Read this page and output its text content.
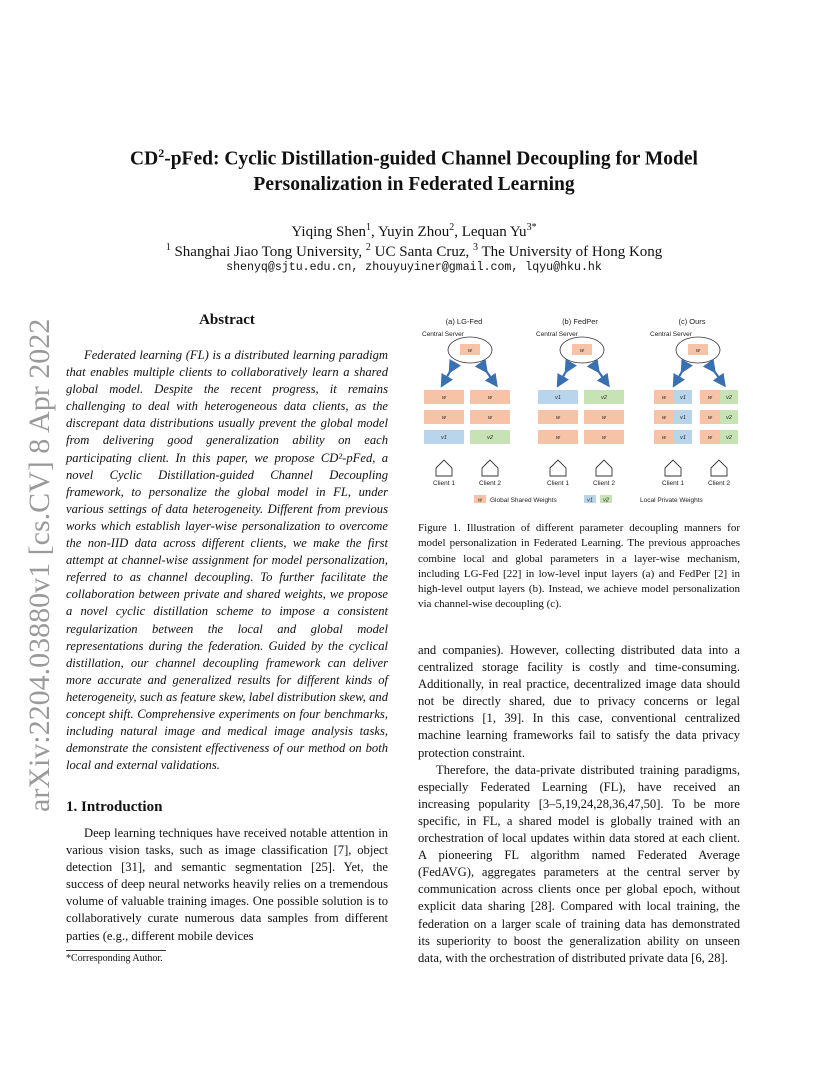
arXiv:2204.03880v1 [cs.CV] 8 Apr 2022
$CD^2$-pFed: Cyclic Distillation-guided Channel Decoupling for Model
Personalization in Federated Learning
Yiqing Shen$^1$, Yuyin Zhou$^2$, Lequan $Yu^{3*}$
$^1$ Shanghai Jiao Tong University, $^2$ UC Santa Cruz, $^3$ The University of Hong Kong
shenyq@sjtu.edu.cn, zhouyuyiner@gmail.com, lqyu@hku.hk
Abstract

Federated learning (FL) is a distributed learning paradigm that enables multiple clients to collaboratively learn a shared global model. Despite the recent progress, it remains challenging to deal with heterogeneous data clients, as the discrepant data distributions usually prevent the global model from delivering good generalization ability on each participating client. In this paper, we propose CD²-pFed, a novel Cyclic Distillation-guided Channel Decoupling framework, to personalize the global model in FL, under various settings of data heterogeneity. Different from previous works which establish layer-wise personalization to overcome the non-IID data across different clients, we make the first attempt at channel-wise assignment for model personalization, referred to as channel decoupling. To further facilitate the collaboration between private and shared weights, we propose a novel cyclic distillation scheme to impose a consistent regularization between the local and global model representations during the federation. Guided by the cyclical distillation, our channel decoupling framework can deliver more accurate and generalized results for different kinds of heterogeneity, such as feature skew, label distribution skew, and concept shift. Comprehensive experiments on four benchmarks, including natural image and medical image analysis tasks, demonstrate the consistent effectiveness of our method on both local and external validations.

1. Introduction

Deep learning techniques have received notable attention in various vision tasks, such as image classification [7], object detection [31], and semantic segmentation [25]. Yet, the success of deep neural networks heavily relies on a tremendous volume of valuable training images. One possible solution is to collaboratively curate numerous data samples from different parties (e.g., different mobile devices

*Corresponding Author.
(a) LG-Fed	(b) FedPer	(c) Ours
Central Server	Central Server	Central Server
w	w	w
w
w
v1
w
w
v2
v1
w
w
v2
w
w
w	v1
w	v1
w	v1
w	v2
w	v2
w	v2
Client 1	Client 2	Client 1	Client 2	Client 1	Client 2
w Global Shared Weights	v1 v2	Local Private Weights
Figure 1. Illustration of different parameter decoupling manners for model personalization in Federated Learning. The previous approaches combine local and global parameters in a layer-wise mechanism, including LG-Fed [22] in low-level input layers (a) and FedPer [2] in high-level output layers (b). Instead, we achieve model personalization via channel-wise decoupling (c).

and companies). However, collecting distributed data into a centralized storage facility is costly and time-consuming. Additionally, in real practice, decentralized image data should not be directly shared, due to privacy concerns or legal restrictions [1, 39]. In this case, conventional centralized machine learning frameworks fail to satisfy the data privacy protection constraint.

Therefore, the data-private distributed training paradigms, especially Federated Learning (FL), have received an increasing popularity [3–5,19,24,28,36,47,50]. To be more specific, in FL, a shared model is globally trained with an orchestration of local updates within data stored at each client. A pioneering FL algorithm named Federated Average (FedAVG), aggregates parameters at the central server by communication across clients once per global epoch, without explicit data sharing [28]. Compared with local training, the federation on a larger scale of training data has demonstrated its superiority to boost the generalization ability on unseen data, with the orchestration of distributed private data [6, 28].
